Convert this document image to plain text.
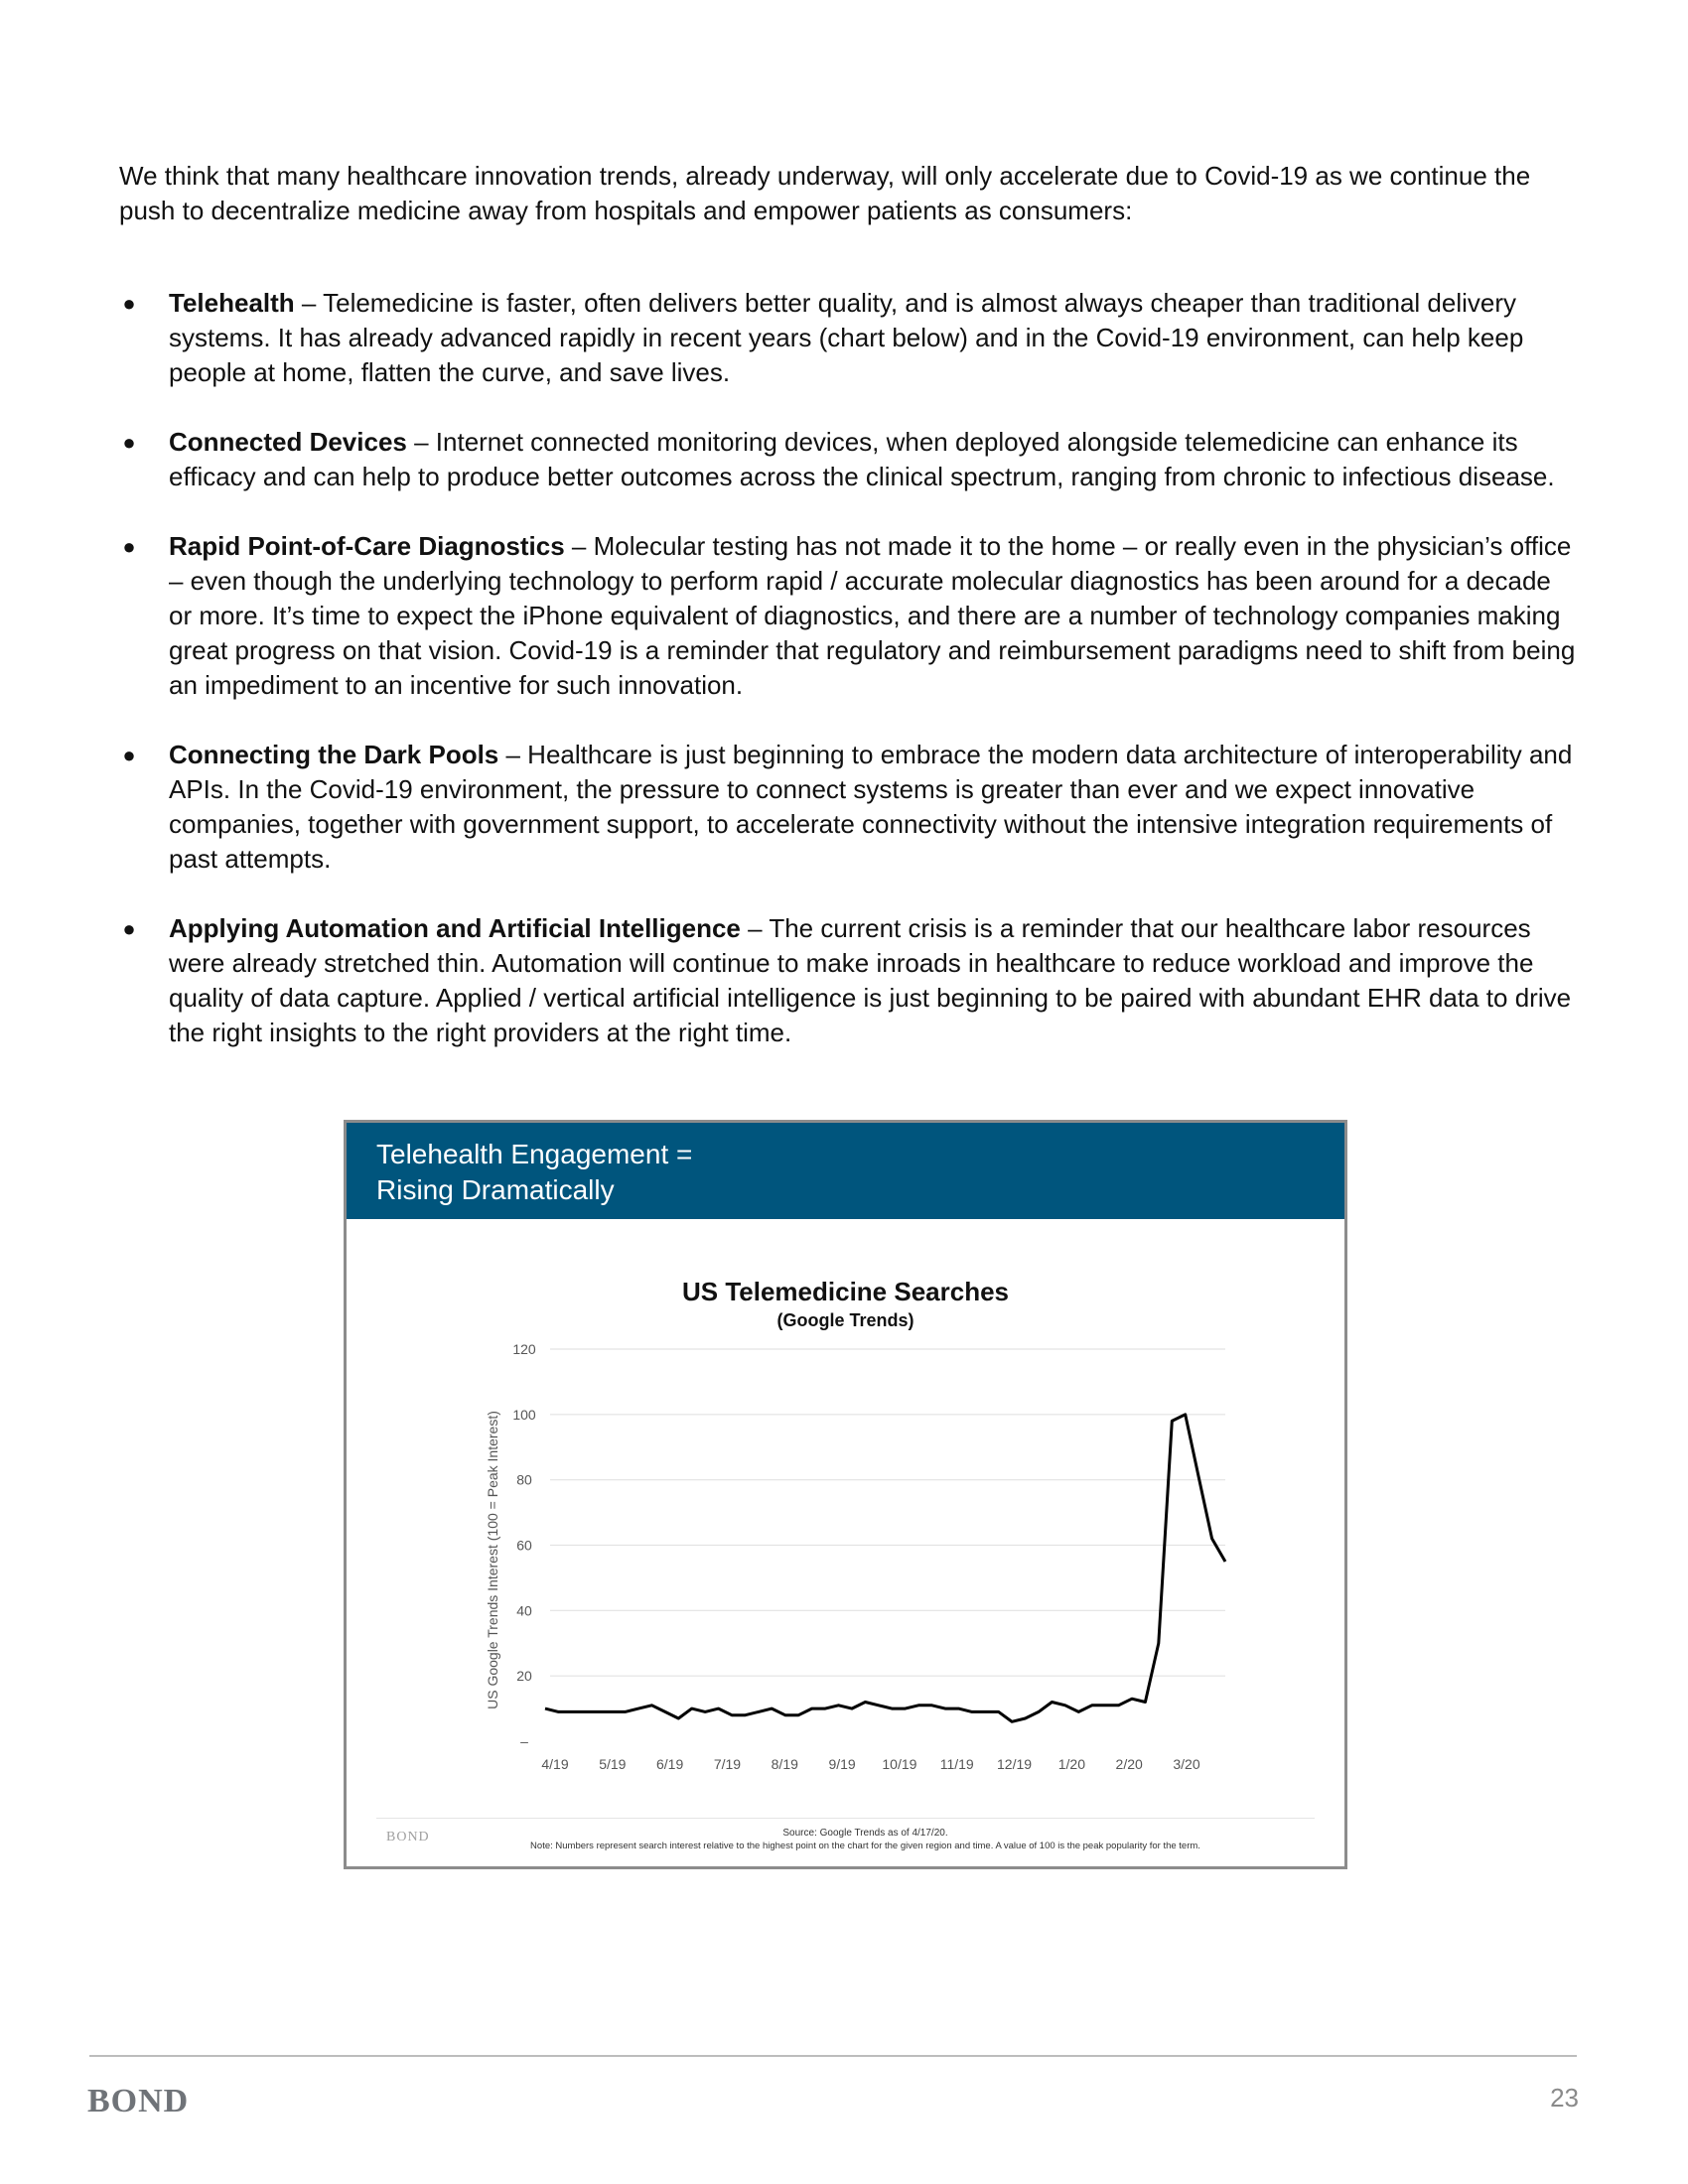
We think that many healthcare innovation trends, already underway, will only accelerate due to Covid-19 as we continue the push to decentralize medicine away from hospitals and empower patients as consumers:

● Telehealth – Telemedicine is faster, often delivers better quality, and is almost always cheaper than traditional delivery systems. It has already advanced rapidly in recent years (chart below) and in the Covid-19 environment, can help keep people at home, flatten the curve, and save lives.
● Connected Devices – Internet connected monitoring devices, when deployed alongside telemedicine can enhance its efficacy and can help to produce better outcomes across the clinical spectrum, ranging from chronic to infectious disease.
● Rapid Point-of-Care Diagnostics – Molecular testing has not made it to the home – or really even in the physician’s office – even though the underlying technology to perform rapid / accurate molecular diagnostics has been around for a decade or more. It’s time to expect the iPhone equivalent of diagnostics, and there are a number of technology companies making great progress on that vision. Covid-19 is a reminder that regulatory and reimbursement paradigms need to shift from being an impediment to an incentive for such innovation.
● Connecting the Dark Pools – Healthcare is just beginning to embrace the modern data architecture of interoperability and APIs. In the Covid-19 environment, the pressure to connect systems is greater than ever and we expect innovative companies, together with government support, to accelerate connectivity without the intensive integration requirements of past attempts.
● Applying Automation and Artificial Intelligence – The current crisis is a reminder that our healthcare labor resources were already stretched thin. Automation will continue to make inroads in healthcare to reduce workload and improve the quality of data capture. Applied / vertical artificial intelligence is just beginning to be paired with abundant EHR data to drive the right insights to the right providers at the right time.
Telehealth Engagement =
Rising Dramatically
US Telemedicine Searches
(Google Trends)
–
20
40
60
80
100
120
US Google Trends Interest (100 = Peak Interest)
4/19 5/19 6/19 7/19 8/19 9/19 10/19 11/19 12/19 1/20 2/20 3/20
BOND	Source: Google Trends as of 4/17/20.
Note: Numbers represent search interest relative to the highest point on the chart for the given region and time. A value of 100 is the peak popularity for the term.
BOND	23
